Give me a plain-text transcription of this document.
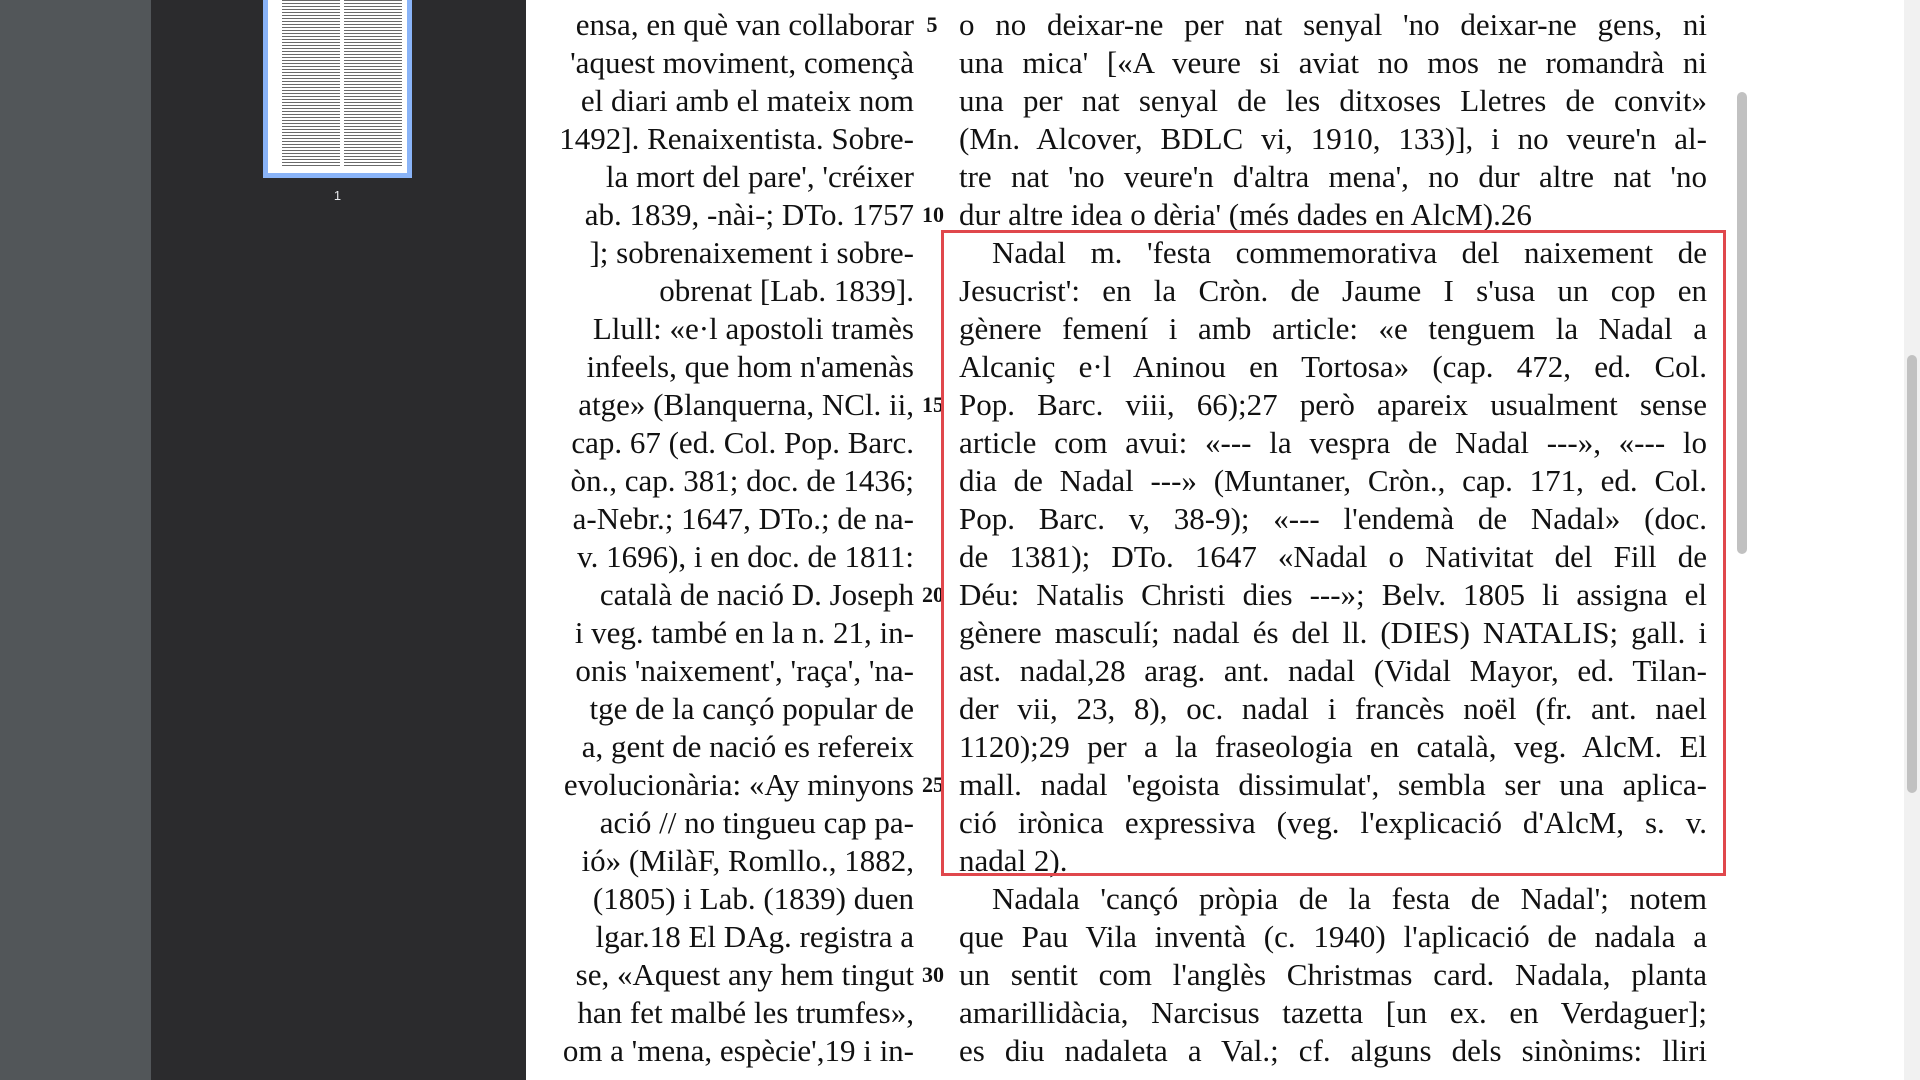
1
ensa, en què van collaborar
'aquest moviment, començà
el diari amb el mateix nom
1492]. Renaixentista. Sobre-
la mort del pare', 'créixer
ab. 1839, -nài-; DTo. 1757
]; sobrenaixement i sobre-
obrenat [Lab. 1839].
Llull: «e·l apostoli tramès
infeels, que hom n'amenàs
atge» (Blanquerna, NCl. ii,
cap. 67 (ed. Col. Pop. Barc.
òn., cap. 381; doc. de 1436;
a-Nebr.; 1647, DTo.; de na-
v. 1696), i en doc. de 1811:
català de nació D. Joseph
i veg. també en la n. 21, in-
onis 'naixement', 'raça', 'na-
tge de la cançó popular de
a, gent de nació es refereix
evolucionària: «Ay minyons
ació // no tingueu cap pa-
ió» (MilàF, Romllo., 1882,
(1805) i Lab. (1839) duen
lgar.18 El DAg. registra a
se, «Aquest any hem tingut
han fet malbé les trumfes»,
om a 'mena, espècie',19 i in-
5
10
15
20
25
30
o no deixar-ne per nat senyal 'no deixar-ne gens, ni
una mica' [«A veure si aviat no mos ne romandrà ni
una per nat senyal de les ditxoses Lletres de convit»
(Mn. Alcover, BDLC vi, 1910, 133)], i no veure'n al-
tre nat 'no veure'n d'altra mena', no dur altre nat 'no
dur altre idea o dèria' (més dades en AlcM).26
Nadal m. 'festa commemorativa del naixement de
Jesucrist': en la Cròn. de Jaume I s'usa un cop en
gènere femení i amb article: «e tenguem la Nadal a
Alcaniç e·l Aninou en Tortosa» (cap. 472, ed. Col.
Pop. Barc. viii, 66);27 però apareix usualment sense
article com avui: «--- la vespra de Nadal ---», «--- lo
dia de Nadal ---» (Muntaner, Cròn., cap. 171, ed. Col.
Pop. Barc. v, 38-9); «--- l'endemà de Nadal» (doc.
de 1381); DTo. 1647 «Nadal o Nativitat del Fill de
Déu: Natalis Christi dies ---»; Belv. 1805 li assigna el
gènere masculí; nadal és del ll. (DIES) NATALIS; gall. i
ast. nadal,28 arag. ant. nadal (Vidal Mayor, ed. Tilan-
der vii, 23, 8), oc. nadal i francès noël (fr. ant. nael
1120);29 per a la fraseologia en català, veg. AlcM. El
mall. nadal 'egoista dissimulat', sembla ser una aplica-
ció irònica expressiva (veg. l'explicació d'AlcM, s. v.
nadal 2).
Nadala 'cançó pròpia de la festa de Nadal'; notem
que Pau Vila inventà (c. 1940) l'aplicació de nadala a
un sentit com l'anglès Christmas card. Nadala, planta
amarillidàcia, Narcisus tazetta [un ex. en Verdaguer];
es diu nadaleta a Val.; cf. alguns dels sinònims: lliri
